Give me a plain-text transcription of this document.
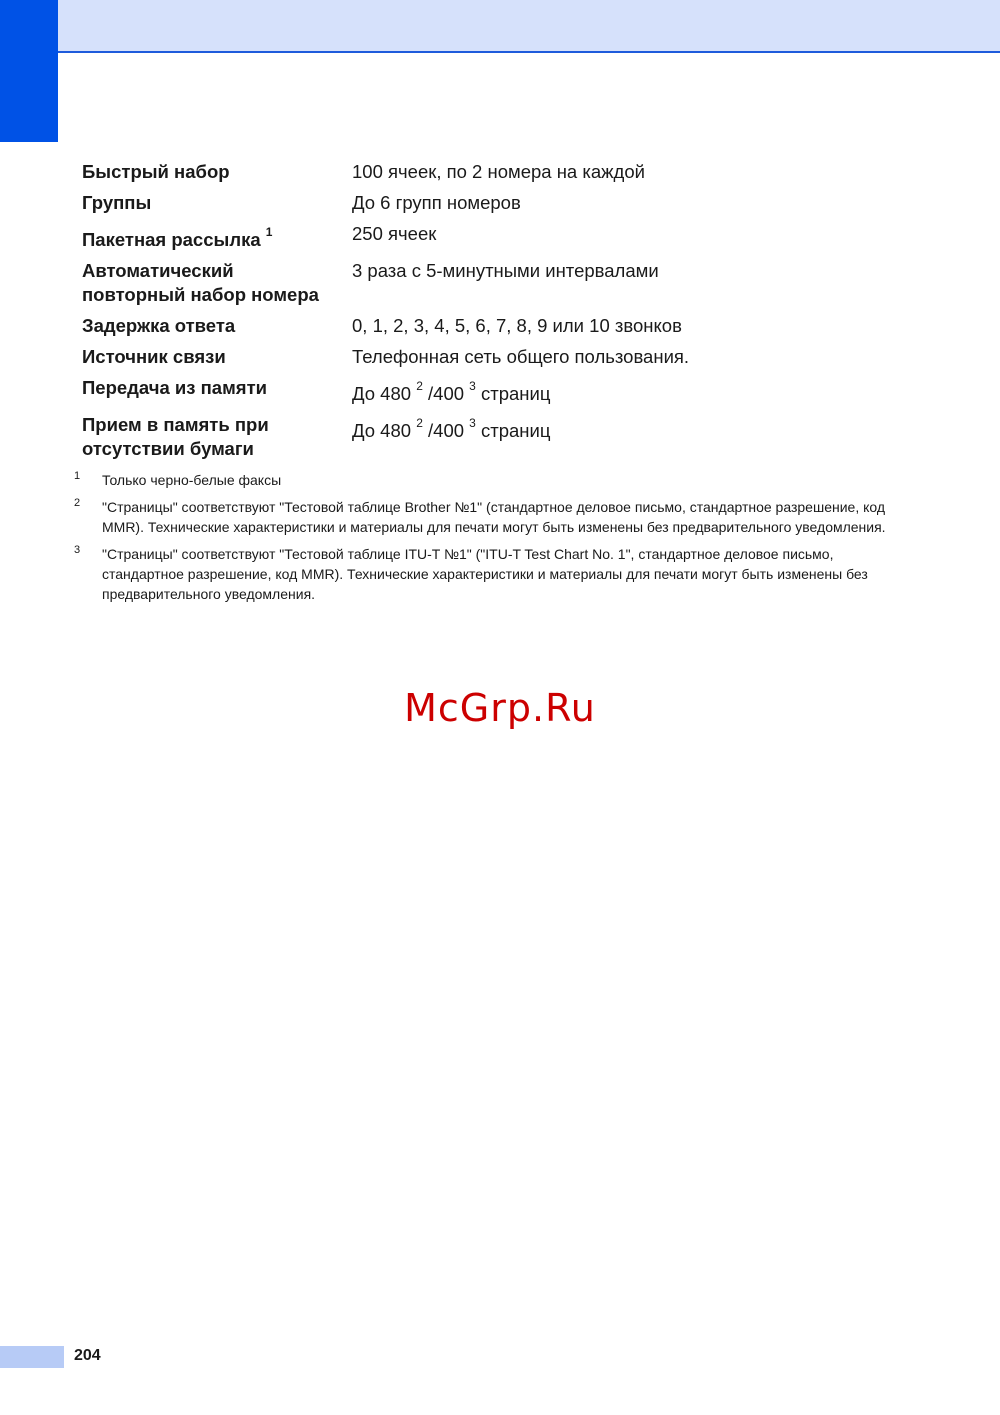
Быстрый набор	100 ячеек, по 2 номера на каждой
Группы	До 6 групп номеров
Пакетная рассылка $^1$	250 ячеек

Автоматический
повторный набор номера	3 раза с 5-минутными интервалами
Задержка ответа	0, 1, 2, 3, 4, 5, 6, 7, 8, 9 или 10 звонков
Источник связи	Телефонная сеть общего пользования.
Передача из памяти	До 480 $^2$ /400 $^3$ страниц

Прием в память при
отсутствии бумаги	До 480 $^2$ /400 $^3$ страниц
1 Только черно-белые факсы
2 "Страницы" соответствуют "Тестовой таблице Brother №1" (стандартное деловое письмо, стандартное разрешение, код MMR). Технические характеристики и материалы для печати могут быть изменены без предварительного уведомления.
3 "Страницы" соответствуют "Тестовой таблице ITU-T №1" ("ITU-T Test Chart No. 1", стандартное деловое письмо, стандартное разрешение, код MMR). Технические характеристики и материалы для печати могут быть изменены без предварительного уведомления.
McGrp.Ru
204
